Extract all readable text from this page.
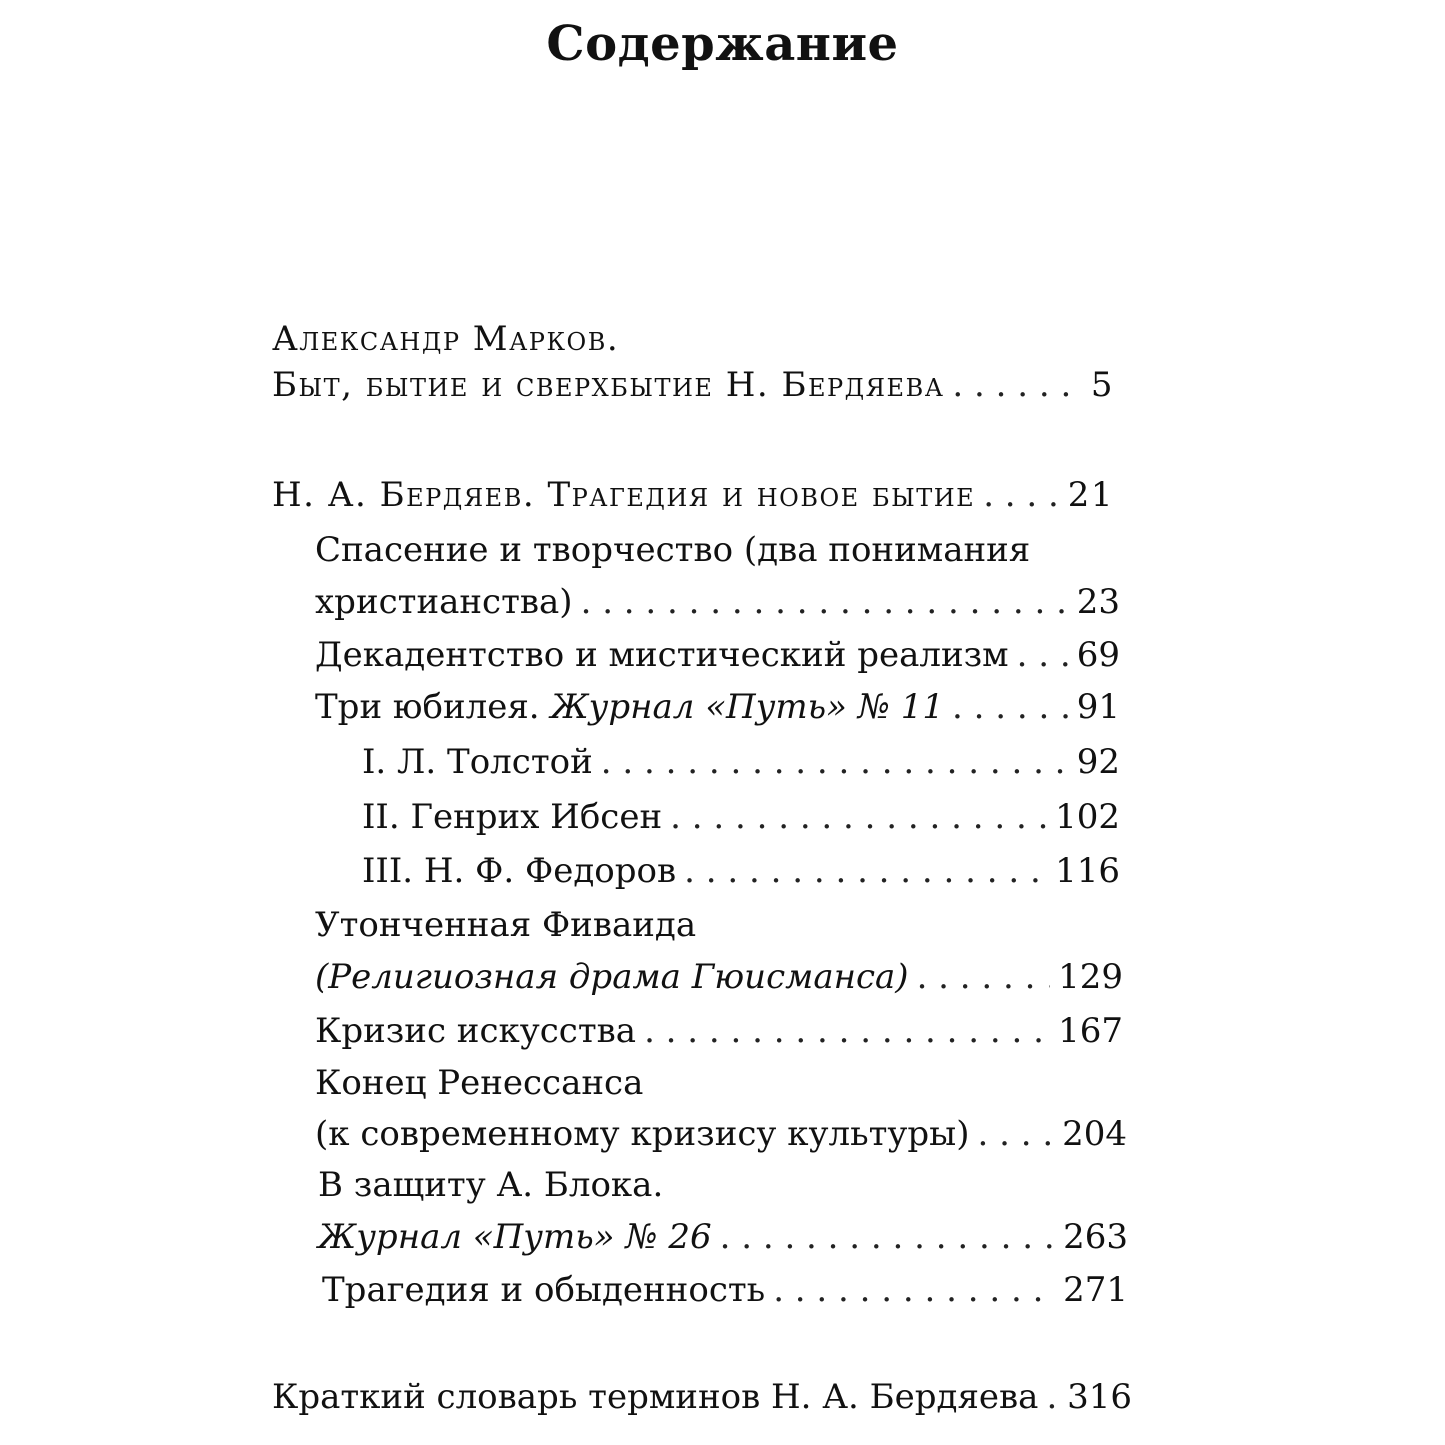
Содержание
Александр Марков.
Быт, бытие и сверхбытие Н. Бердяева . . .	5
Н. А. Бердяев. Трагедия и новое бытие . . .	21
Спасение и творчество (два понимания
христианства) . . .	23
Декадентство и мистический реализм . . . 69
Три юбилея. Журнал «Путь» № 11 . . .	91
I. Л. Толстой . . .	92
II. Генрих Ибсен . . .	102
III. Н. Ф. Федоров . . .	116
Утонченная Фиваида
(Религиозная драма Гюисманса) . . .	129
Кризис искусства . . .	167
Конец Ренессанса
(к современному кризису культуры) . . .	204
В защиту А. Блока.
Журнал «Путь» № 26 . . .	263
Трагедия и обыденность . . .	271
Краткий словарь терминов Н. А. Бердяева . . . 316
